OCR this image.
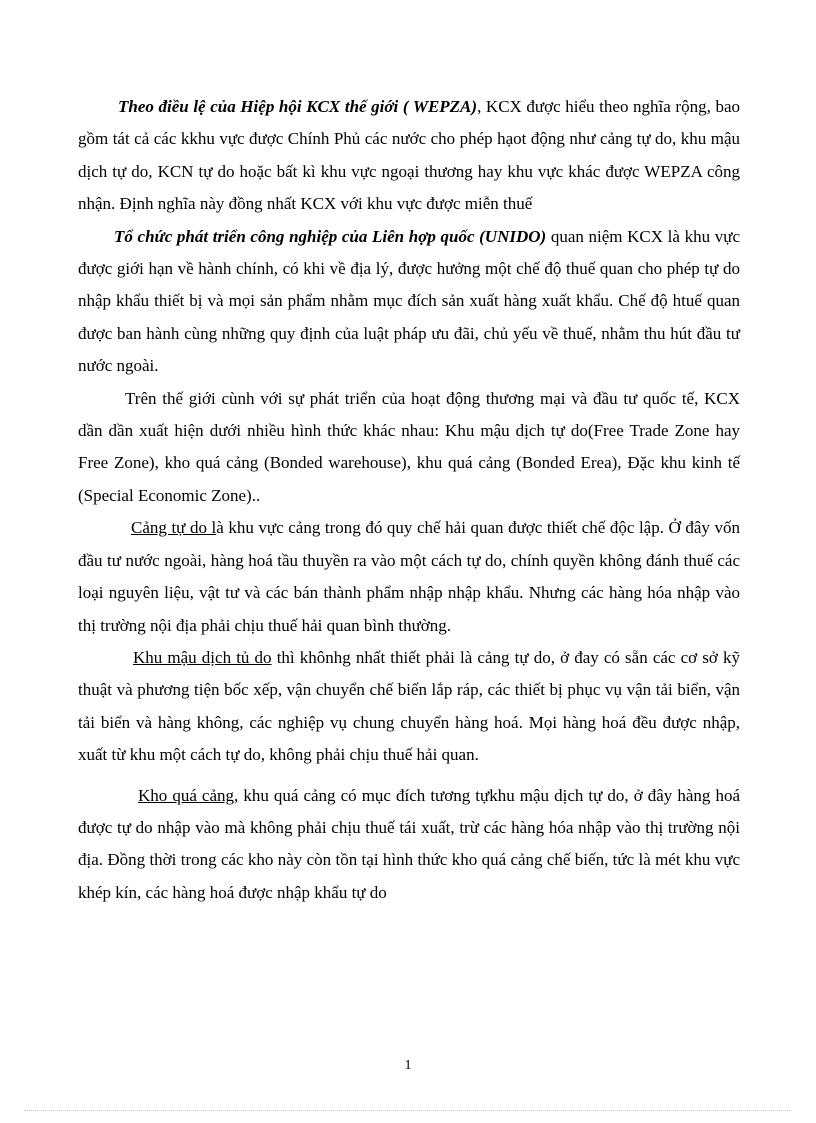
Theo điều lệ của Hiệp hội KCX thế giới ( WEPZA), KCX được hiểu theo nghĩa rộng, bao gồm tát cả các kkhu vực được Chính Phủ các nước cho phép hạot động như cảng tự do, khu mậu dịch tự do, KCN tự do hoặc bất kì khu vực ngoại thương hay khu vực khác được WEPZA công nhận. Định nghĩa này đồng nhất KCX với khu vực được miễn thuế

Tổ chức phát triển công nghiệp của Liên hợp quốc (UNIDO) quan niệm KCX là khu vực được giới hạn về hành chính, có khi về địa lý, được hưởng một chế độ thuế quan cho phép tự do nhập khẩu thiết bị và mọi sản phẩm nhằm mục đích sản xuất hàng xuất khẩu. Chế độ htuế quan được ban hành cùng những quy định của luật pháp ưu đãi, chủ yếu về thuế, nhằm thu hút đầu tư nước ngoài.

Trên thế giới cùnh với sự phát triển của hoạt động thương mại và đầu tư quốc tế, KCX dần dần xuất hiện dưới nhiều hình thức khác nhau: Khu mậu dịch tự do(Free Trade Zone hay Free Zone), kho quá cảng (Bonded warehouse), khu quá cảng (Bonded Erea), Đặc khu kinh tế (Special Economic Zone)..

Cảng tự do là khu vực cảng trong đó quy chế hải quan được thiết chế độc lập. Ở đây vốn đầu tư nước ngoài, hàng hoá tầu thuyền ra vào một cách tự do, chính quyền không đánh thuế các loại nguyên liệu, vật tư và các bán thành phẩm nhập nhập khẩu. Nhưng các hàng hóa nhập vào thị trường nội địa phải chịu thuế hải quan bình thường.

Khu mậu dịch tủ do thì khônhg nhất thiết phải là cảng tự do, ở đay có sẵn các cơ sở kỹ thuật và phương tiện bốc xếp, vận chuyển chế biến lắp ráp, các thiết bị phục vụ vận tải biển, vận tải biển và hàng không, các nghiệp vụ chung chuyển hàng hoá. Mọi hàng hoá đều được nhập, xuất từ khu một cách tự do, không phải chịu thuế hải quan.

Kho quá cảng, khu quá cảng có mục đích tương tựkhu mậu dịch tự do, ở đây hàng hoá được tự do nhập vào mà không phải chịu thuế tái xuất, trừ các hàng hóa nhập vào thị trường nội địa. Đồng thời trong các kho này còn tồn tại hình thức kho quá cảng chế biến, tức là mét khu vực khép kín, các hàng hoá được nhập khẩu tự do

1
